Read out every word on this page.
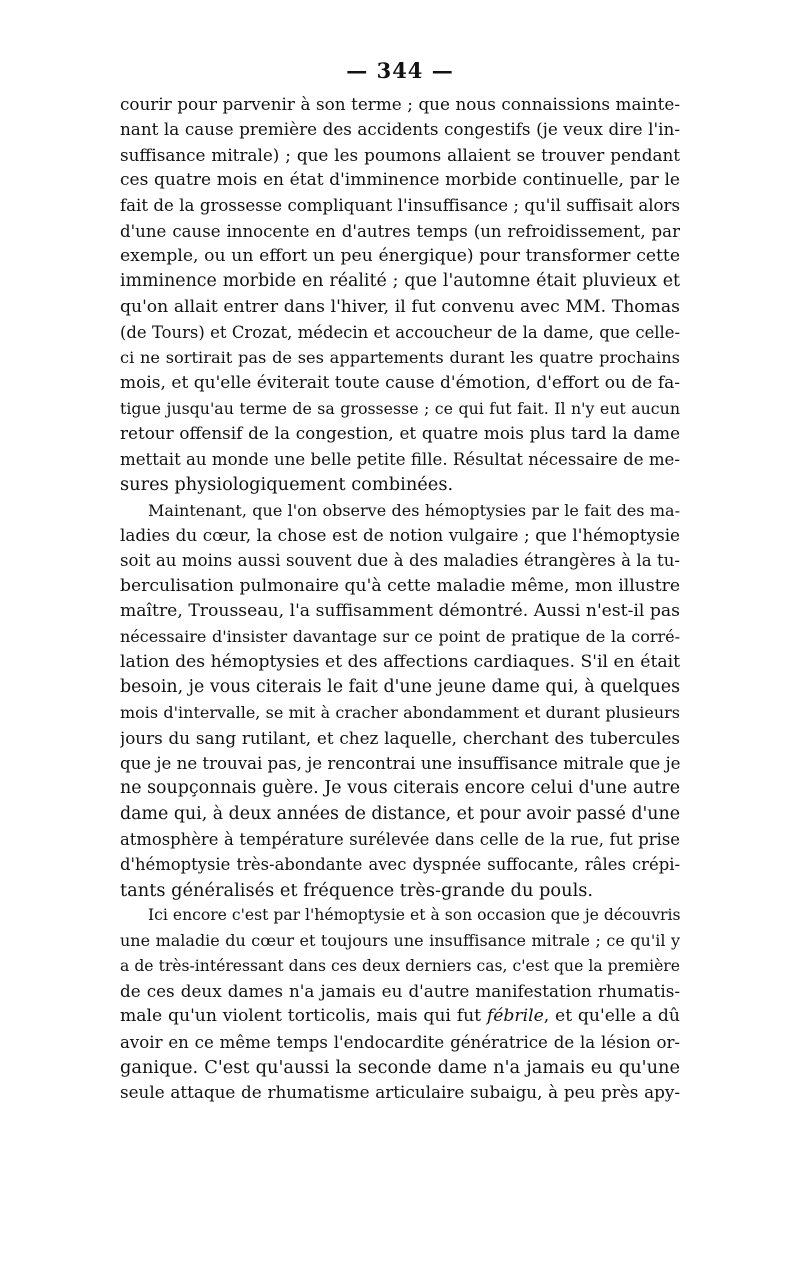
— 344 —
courir pour parvenir à son terme ; que nous connaissions mainte-
nant la cause première des accidents congestifs (je veux dire l'in-
suffisance mitrale) ; que les poumons allaient se trouver pendant
ces quatre mois en état d'imminence morbide continuelle, par le
fait de la grossesse compliquant l'insuffisance ; qu'il suffisait alors
d'une cause innocente en d'autres temps (un refroidissement, par
exemple, ou un effort un peu énergique) pour transformer cette
imminence morbide en réalité ; que l'automne était pluvieux et
qu'on allait entrer dans l'hiver, il fut convenu avec MM. Thomas
(de Tours) et Crozat, médecin et accoucheur de la dame, que celle-
ci ne sortirait pas de ses appartements durant les quatre prochains
mois, et qu'elle éviterait toute cause d'émotion, d'effort ou de fa-
tigue jusqu'au terme de sa grossesse ; ce qui fut fait. Il n'y eut aucun
retour offensif de la congestion, et quatre mois plus tard la dame
mettait au monde une belle petite fille. Résultat nécessaire de me-
sures physiologiquement combinées.
Maintenant, que l'on observe des hémoptysies par le fait des ma-
ladies du cœur, la chose est de notion vulgaire ; que l'hémoptysie
soit au moins aussi souvent due à des maladies étrangères à la tu-
berculisation pulmonaire qu'à cette maladie même, mon illustre
maître, Trousseau, l'a suffisamment démontré. Aussi n'est-il pas
nécessaire d'insister davantage sur ce point de pratique de la corré-
lation des hémoptysies et des affections cardiaques. S'il en était
besoin, je vous citerais le fait d'une jeune dame qui, à quelques
mois d'intervalle, se mit à cracher abondamment et durant plusieurs
jours du sang rutilant, et chez laquelle, cherchant des tubercules
que je ne trouvai pas, je rencontrai une insuffisance mitrale que je
ne soupçonnais guère. Je vous citerais encore celui d'une autre
dame qui, à deux années de distance, et pour avoir passé d'une
atmosphère à température surélevée dans celle de la rue, fut prise
d'hémoptysie très-abondante avec dyspnée suffocante, râles crépi-
tants généralisés et fréquence très-grande du pouls.
Ici encore c'est par l'hémoptysie et à son occasion que je découvris
une maladie du cœur et toujours une insuffisance mitrale ; ce qu'il y
a de très-intéressant dans ces deux derniers cas, c'est que la première
de ces deux dames n'a jamais eu d'autre manifestation rhumatis-
male qu'un violent torticolis, mais qui fut fébrile, et qu'elle a dû
avoir en ce même temps l'endocardite génératrice de la lésion or-
ganique. C'est qu'aussi la seconde dame n'a jamais eu qu'une
seule attaque de rhumatisme articulaire subaigu, à peu près apy-
